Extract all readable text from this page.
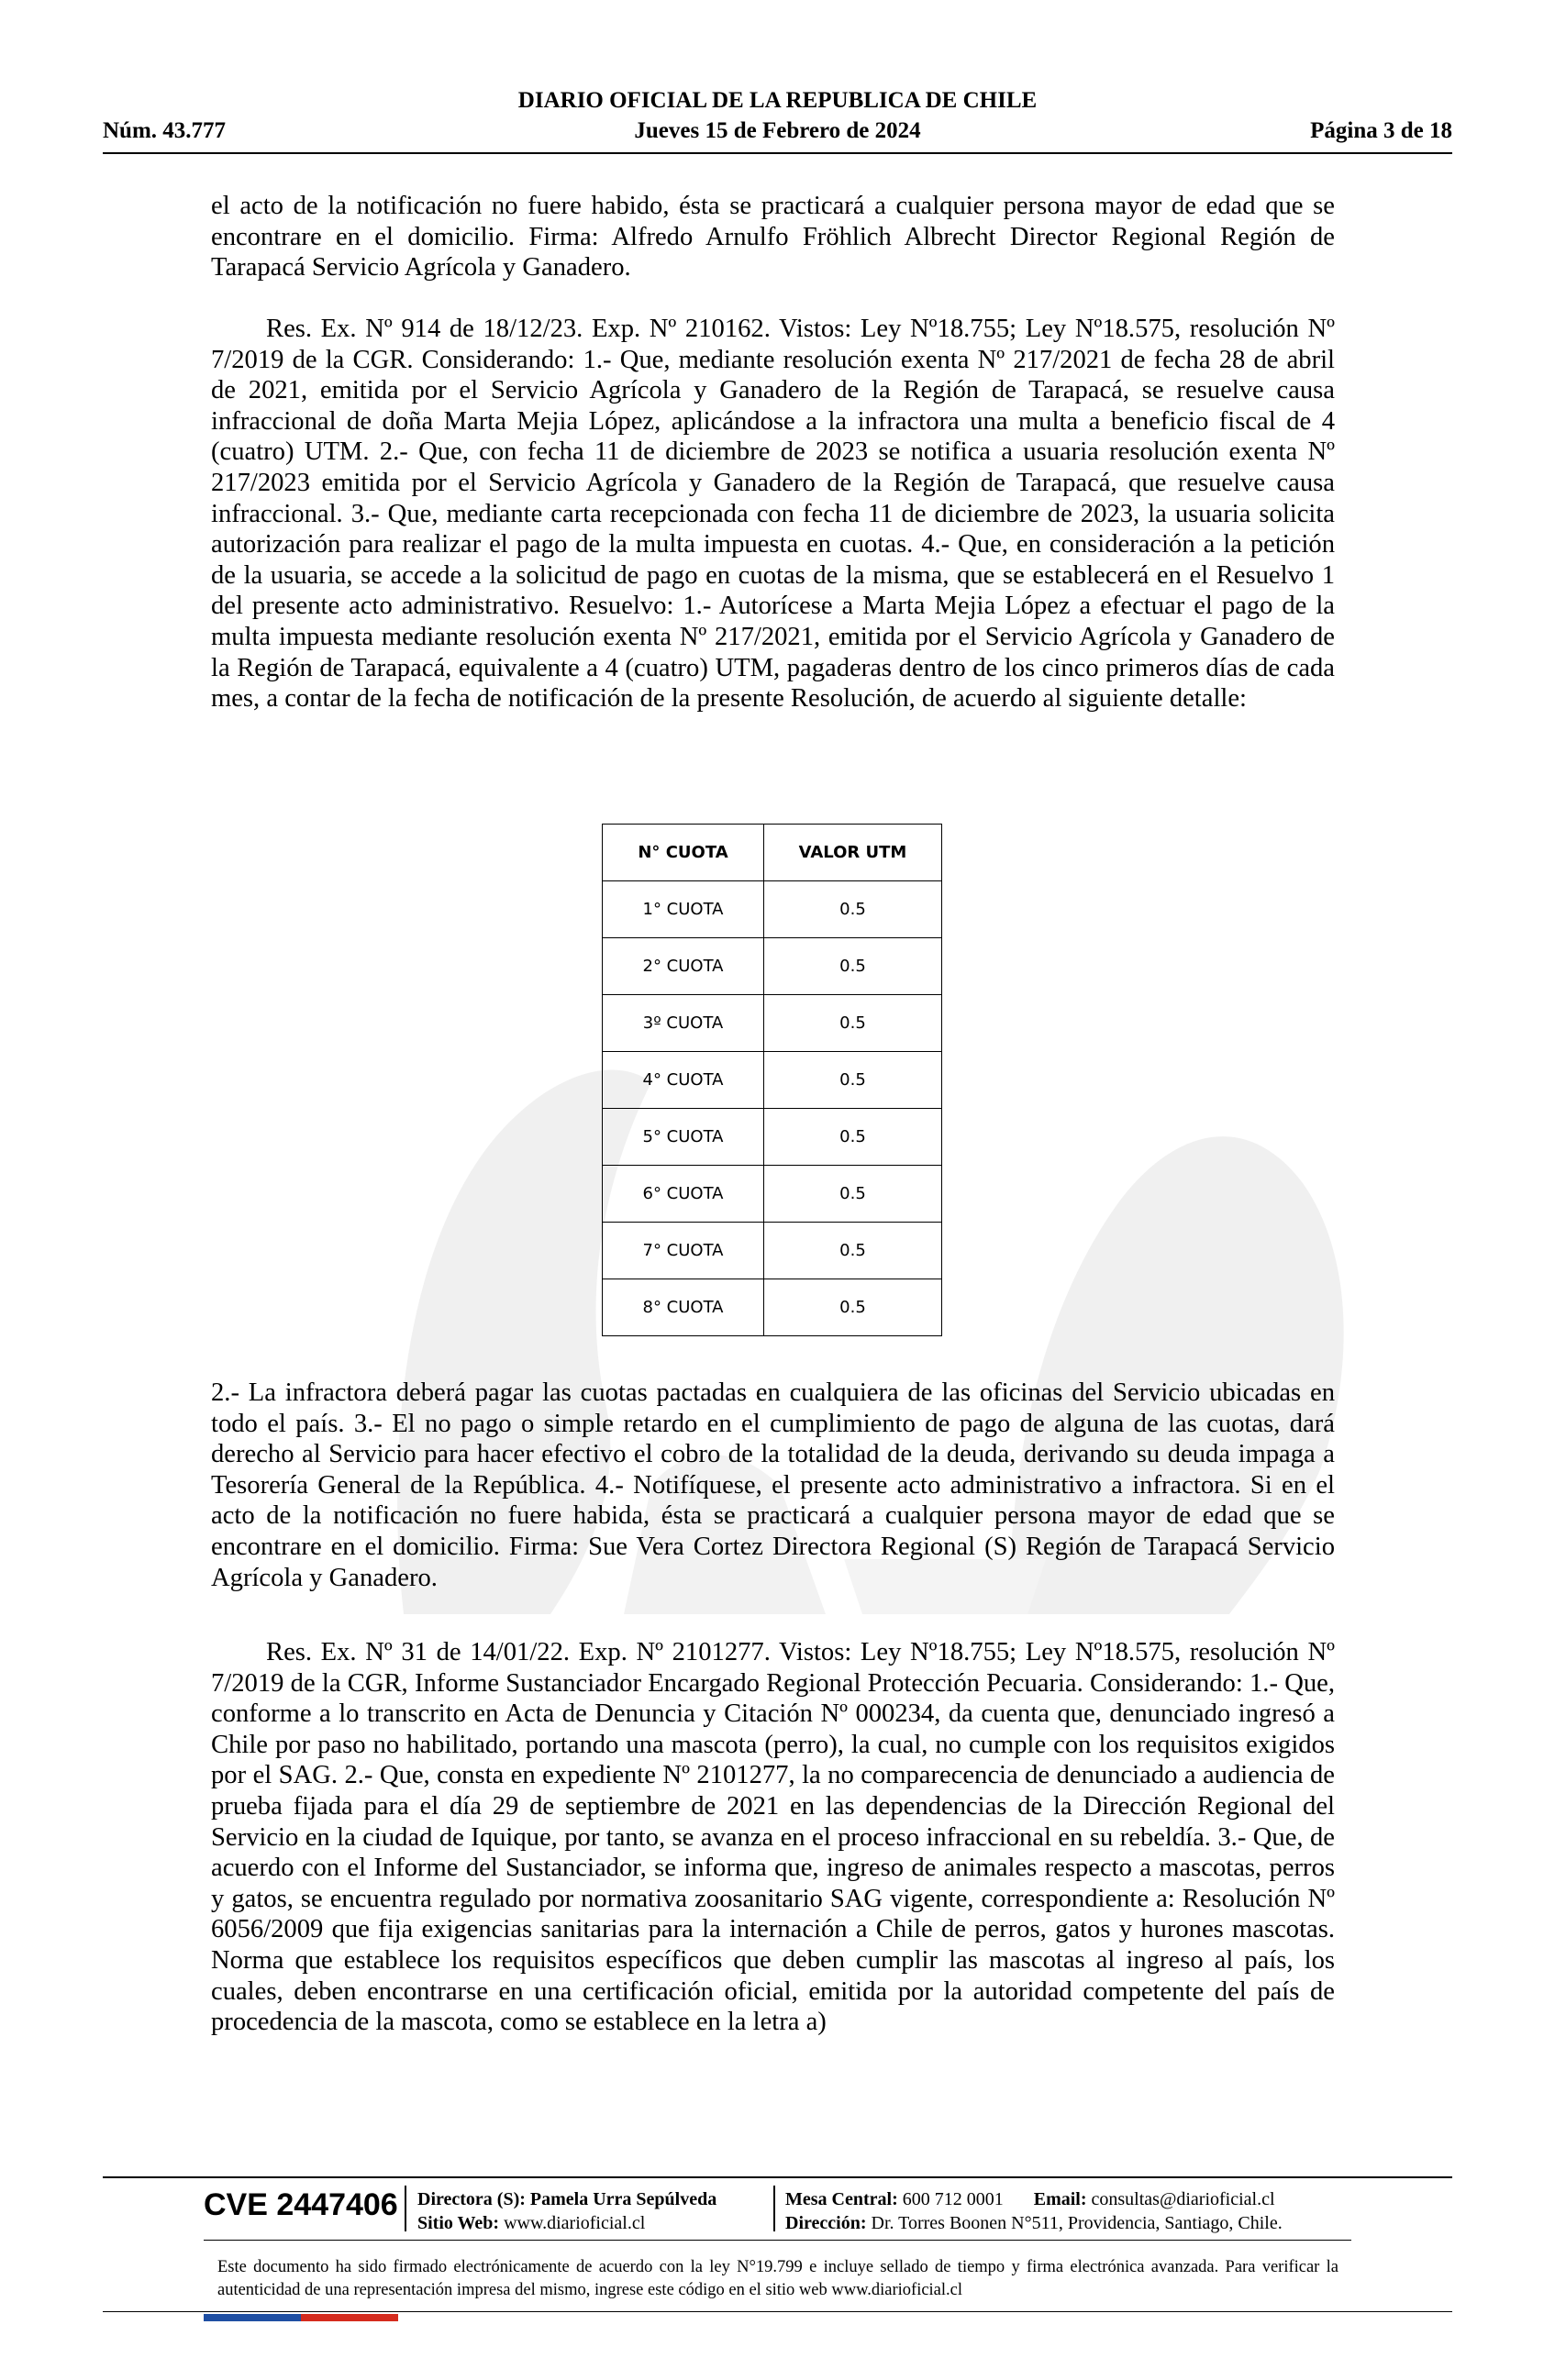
DIARIO OFICIAL DE LA REPUBLICA DE CHILE
Núm. 43.777	Jueves 15 de Febrero de 2024	Página 3 de 18

el acto de la notificación no fuere habido, ésta se practicará a cualquier persona mayor de edad que se encontrare en el domicilio. Firma: Alfredo Arnulfo Fröhlich Albrecht Director Regional Región de Tarapacá Servicio Agrícola y Ganadero.

Res. Ex. Nº 914 de 18/12/23. Exp. Nº 210162. Vistos: Ley Nº18.755; Ley Nº18.575, resolución Nº 7/2019 de la CGR. Considerando: 1.- Que, mediante resolución exenta Nº 217/2021 de fecha 28 de abril de 2021, emitida por el Servicio Agrícola y Ganadero de la Región de Tarapacá, se resuelve causa infraccional de doña Marta Mejia López, aplicándose a la infractora una multa a beneficio fiscal de 4 (cuatro) UTM. 2.- Que, con fecha 11 de diciembre de 2023 se notifica a usuaria resolución exenta Nº 217/2023 emitida por el Servicio Agrícola y Ganadero de la Región de Tarapacá, que resuelve causa infraccional. 3.- Que, mediante carta recepcionada con fecha 11 de diciembre de 2023, la usuaria solicita autorización para realizar el pago de la multa impuesta en cuotas. 4.- Que, en consideración a la petición de la usuaria, se accede a la solicitud de pago en cuotas de la misma, que se establecerá en el Resuelvo 1 del presente acto administrativo. Resuelvo: 1.- Autorícese a Marta Mejia López a efectuar el pago de la multa impuesta mediante resolución exenta Nº 217/2021, emitida por el Servicio Agrícola y Ganadero de la Región de Tarapacá, equivalente a 4 (cuatro) UTM, pagaderas dentro de los cinco primeros días de cada mes, a contar de la fecha de notificación de la presente Resolución, de acuerdo al siguiente detalle:

N° CUOTA	VALOR UTM
1° CUOTA	0.5
2° CUOTA	0.5
3º CUOTA	0.5
4° CUOTA	0.5
5° CUOTA	0.5
6° CUOTA	0.5
7° CUOTA	0.5
8° CUOTA	0.5

2.- La infractora deberá pagar las cuotas pactadas en cualquiera de las oficinas del Servicio ubicadas en todo el país. 3.- El no pago o simple retardo en el cumplimiento de pago de alguna de las cuotas, dará derecho al Servicio para hacer efectivo el cobro de la totalidad de la deuda, derivando su deuda impaga a Tesorería General de la República. 4.- Notifíquese, el presente acto administrativo a infractora. Si en el acto de la notificación no fuere habida, ésta se practicará a cualquier persona mayor de edad que se encontrare en el domicilio. Firma: Sue Vera Cortez Directora Regional (S) Región de Tarapacá Servicio Agrícola y Ganadero.

Res. Ex. Nº 31 de 14/01/22. Exp. Nº 2101277. Vistos: Ley Nº18.755; Ley Nº18.575, resolución Nº 7/2019 de la CGR, Informe Sustanciador Encargado Regional Protección Pecuaria. Considerando: 1.- Que, conforme a lo transcrito en Acta de Denuncia y Citación Nº 000234, da cuenta que, denunciado ingresó a Chile por paso no habilitado, portando una mascota (perro), la cual, no cumple con los requisitos exigidos por el SAG. 2.- Que, consta en expediente Nº 2101277, la no comparecencia de denunciado a audiencia de prueba fijada para el día 29 de septiembre de 2021 en las dependencias de la Dirección Regional del Servicio en la ciudad de Iquique, por tanto, se avanza en el proceso infraccional en su rebeldía. 3.- Que, de acuerdo con el Informe del Sustanciador, se informa que, ingreso de animales respecto a mascotas, perros y gatos, se encuentra regulado por normativa zoosanitario SAG vigente, correspondiente a: Resolución Nº 6056/2009 que fija exigencias sanitarias para la internación a Chile de perros, gatos y hurones mascotas. Norma que establece los requisitos específicos que deben cumplir las mascotas al ingreso al país, los cuales, deben encontrarse en una certificación oficial, emitida por la autoridad competente del país de procedencia de la mascota, como se establece en la letra a)

CVE 2447406 Directora (S): Pamela Urra Sepúlveda
Sitio Web: www.diarioficial.cl
Mesa Central: 600 712 0001 Email: consultas@diarioficial.cl
Dirección: Dr. Torres Boonen N°511, Providencia, Santiago, Chile.
Este documento ha sido firmado electrónicamente de acuerdo con la ley N°19.799 e incluye sellado de tiempo y firma electrónica avanzada. Para verificar la autenticidad de una representación impresa del mismo, ingrese este código en el sitio web www.diarioficial.cl
